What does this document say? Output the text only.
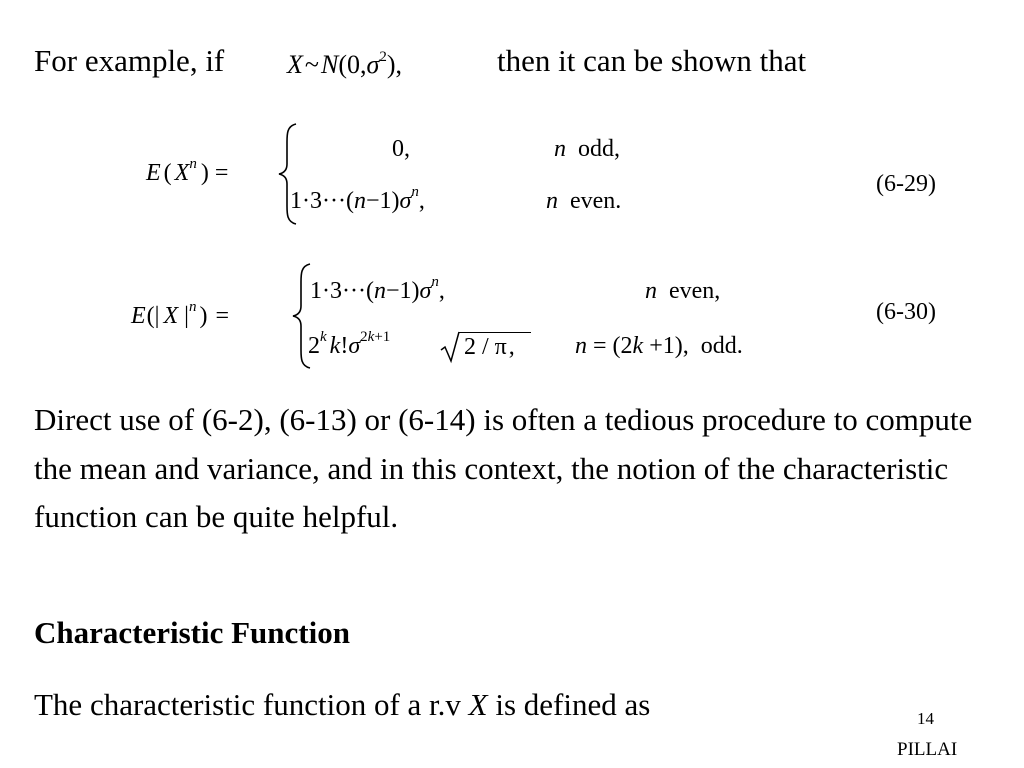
For example, if $X\sim N(0,\sigma^2)$,	then it can be shown that
E ( $X^n$ ) =
0,	n odd,
$1\cdot 3\cdot\cdot\cdot(n-1)\sigma^n$,	n even.
(6-29)
E(| X $|^n$ ) =
$1\cdot 3\cdot\cdot\cdot(n-1)\sigma^n$,	n even,
2$^k$ $k!\sigma^{2k+1}$	2 / π,	n = (2k +1), odd.
(6-30)
Direct use of (6-2), (6-13) or (6-14) is often a tedious procedure to compute the mean and variance, and in this context, the notion of the characteristic function can be quite helpful.
Characteristic Function
The characteristic function of a r.v X is defined as	14
PILLAI
